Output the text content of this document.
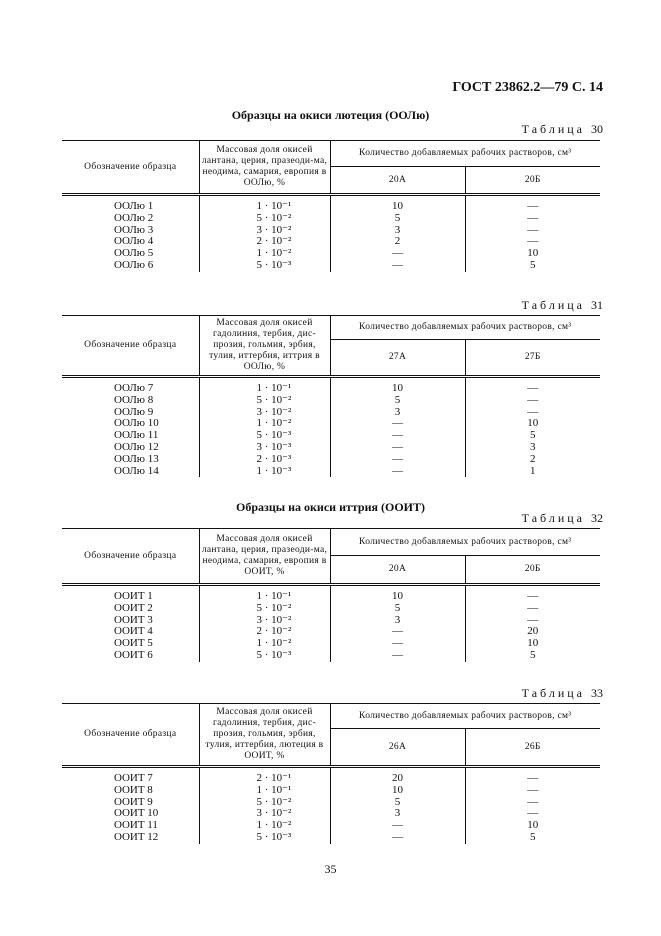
ГОСТ 23862.2—79 С. 14
Образцы на окиси лютеция (ООЛю)
Таблица 30
Обозначение образца	Массовая доля окисей лантана, церия, празеоди-ма, неодима, самария, европия в ООЛю, %	Количество добавляемых рабочих растворов, см³	
		20А	20Б
ООЛю 1	1 · 10⁻¹	10	—
ООЛю 2	5 · 10⁻²	5	—
ООЛю 3	3 · 10⁻²	3	—
ООЛю 4	2 · 10⁻²	2	—
ООЛю 5	1 · 10⁻²	—	10
ООЛю 6	5 · 10⁻³	—	5
Таблица 31
Обозначение образца	Массовая доля окисей гадолиния, тербия, дис-прозия, гольмия, эрбия, тулия, иттербия, иттрия в ООЛю, %	Количество добавляемых рабочих растворов, см³	
		27А	27Б
ООЛю 7	1 · 10⁻¹	10	—
ООЛю 8	5 · 10⁻²	5	—
ООЛю 9	3 · 10⁻²	3	—
ООЛю 10	1 · 10⁻²	—	10
ООЛю 11	5 · 10⁻³	—	5
ООЛю 12	3 · 10⁻³	—	3
ООЛю 13	2 · 10⁻³	—	2
ООЛю 14	1 · 10⁻³	—	1
Образцы на окиси иттрия (ООИТ)
Таблица 32
Обозначение образца	Массовая доля окисей лантана, церия, празеоди-ма, неодима, самария, европия в ООИТ, %	Количество добавляемых рабочих растворов, см³	
		20А	20Б
ООИТ 1	1 · 10⁻¹	10	—
ООИТ 2	5 · 10⁻²	5	—
ООИТ 3	3 · 10⁻²	3	—
ООИТ 4	2 · 10⁻²	—	20
ООИТ 5	1 · 10⁻²	—	10
ООИТ 6	5 · 10⁻³	—	5
Таблица 33
Обозначение образца	Массовая доля окисей гадолиния, тербия, дис-прозия, гольмия, эрбия, тулия, иттербия, лютеция в ООИТ, %	Количество добавляемых рабочих растворов, см³	
		26А	26Б
ООИТ 7	2 · 10⁻¹	20	—
ООИТ 8	1 · 10⁻¹	10	—
ООИТ 9	5 · 10⁻²	5	—
ООИТ 10	3 · 10⁻²	3	—
ООИТ 11	1 · 10⁻²	—	10
ООИТ 12	5 · 10⁻³	—	5
35
